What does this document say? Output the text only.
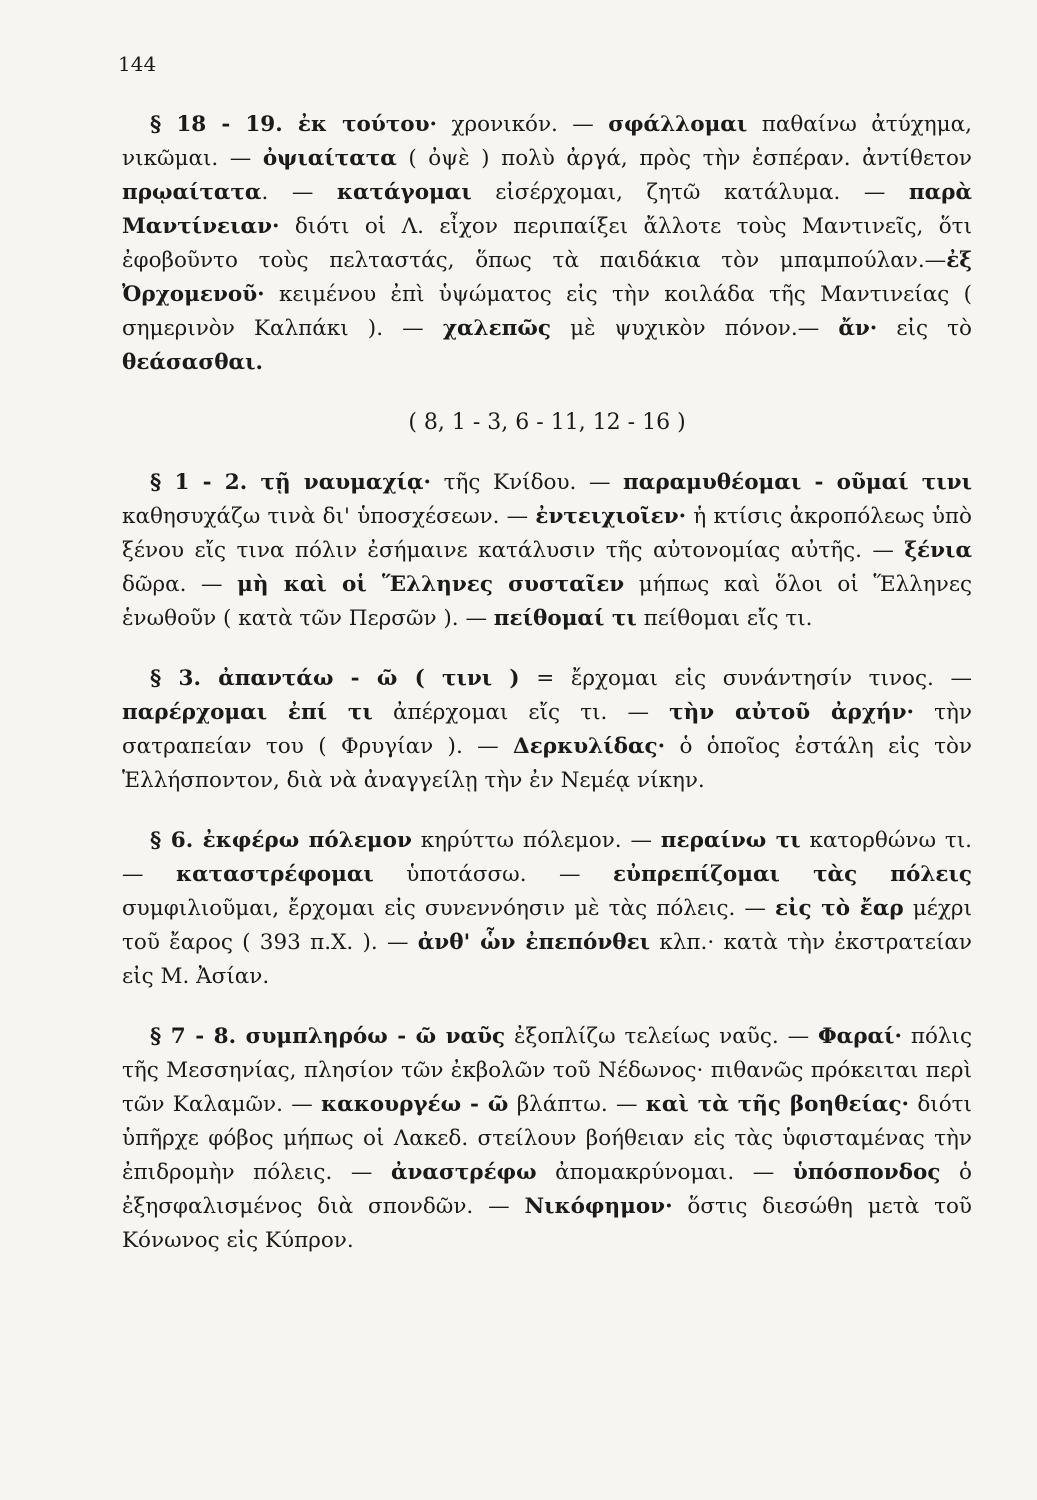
144

§ 18 - 19. ἐκ τούτου· χρονικόν. — σφάλλομαι παθαίνω ἀτύχημα, νικῶμαι. — ὀψιαίτατα ( ὀψὲ ) πολὺ ἀργά, πρὸς τὴν ἑσπέραν. ἀντίθετον πρῳαίτατα. — κατάγομαι εἰσέρχομαι, ζητῶ κατάλυμα. — παρὰ Μαντίνειαν· διότι οἱ Λ. εἶχον περιπαίξει ἄλλοτε τοὺς Μαντινεῖς, ὅτι ἐφοβοῦντο τοὺς πελταστάς, ὅπως τὰ παιδάκια τὸν μπαμπούλαν.—ἐξ Ὀρχομενοῦ· κειμένου ἐπὶ ὑψώματος εἰς τὴν κοιλάδα τῆς Μαντινείας ( σημερινὸν Καλπάκι ). — χαλεπῶς μὲ ψυχικὸν πόνον.— ἄν· εἰς τὸ θεάσασθαι.

( 8, 1 - 3, 6 - 11, 12 - 16 )

§ 1 - 2. τῇ ναυμαχίᾳ· τῆς Κνίδου. — παραμυθέομαι - οῦμαί τινι καθησυχάζω τινὰ δι' ὑποσχέσεων. — ἐντειχιοῖεν· ἡ κτίσις ἀκροπόλεως ὑπὸ ξένου εἴς τινα πόλιν ἐσήμαινε κατάλυσιν τῆς αὐτονομίας αὐτῆς. — ξένια δῶρα. — μὴ καὶ οἱ Ἕλληνες συσταῖεν μήπως καὶ ὅλοι οἱ Ἕλληνες ἑνωθοῦν ( κατὰ τῶν Περσῶν ). — πείθομαί τι πείθομαι εἴς τι.

§ 3. ἀπαντάω - ῶ ( τινι ) = ἔρχομαι εἰς συνάντησίν τινος. — παρέρχομαι ἐπί τι ἀπέρχομαι εἴς τι. — τὴν αὐτοῦ ἀρχήν· τὴν σατραπείαν του ( Φρυγίαν ). — Δερκυλίδας· ὁ ὁποῖος ἐστάλη εἰς τὸν Ἑλλήσποντον, διὰ νὰ ἀναγγείλῃ τὴν ἐν Νεμέᾳ νίκην.

§ 6. ἐκφέρω πόλεμον κηρύττω πόλεμον. — περαίνω τι κατορθώνω τι. — καταστρέφομαι ὑποτάσσω. — εὐπρεπίζομαι τὰς πόλεις συμφιλιοῦμαι, ἔρχομαι εἰς συνεννόησιν μὲ τὰς πόλεις. — εἰς τὸ ἔαρ μέχρι τοῦ ἔαρος ( 393 π.Χ. ). — ἀνθ' ὧν ἐπεπόνθει κλπ.· κατὰ τὴν ἐκστρατείαν εἰς Μ. Ἀσίαν.

§ 7 - 8. συμπληρόω - ῶ ναῦς ἐξοπλίζω τελείως ναῦς. — Φαραί· πόλις τῆς Μεσσηνίας, πλησίον τῶν ἐκβολῶν τοῦ Νέδωνος· πιθανῶς πρόκειται περὶ τῶν Καλαμῶν. — κακουργέω - ῶ βλάπτω. — καὶ τὰ τῆς βοηθείας· διότι ὑπῆρχε φόβος μήπως οἱ Λακεδ. στείλουν βοήθειαν εἰς τὰς ὑφισταμένας τὴν ἐπιδρομὴν πόλεις. — ἀναστρέφω ἀπομακρύνομαι. — ὑπόσπονδος ὁ ἐξησφαλισμένος διὰ σπονδῶν. — Νικόφημον· ὅστις διεσώθη μετὰ τοῦ Κόνωνος εἰς Κύπρον.
